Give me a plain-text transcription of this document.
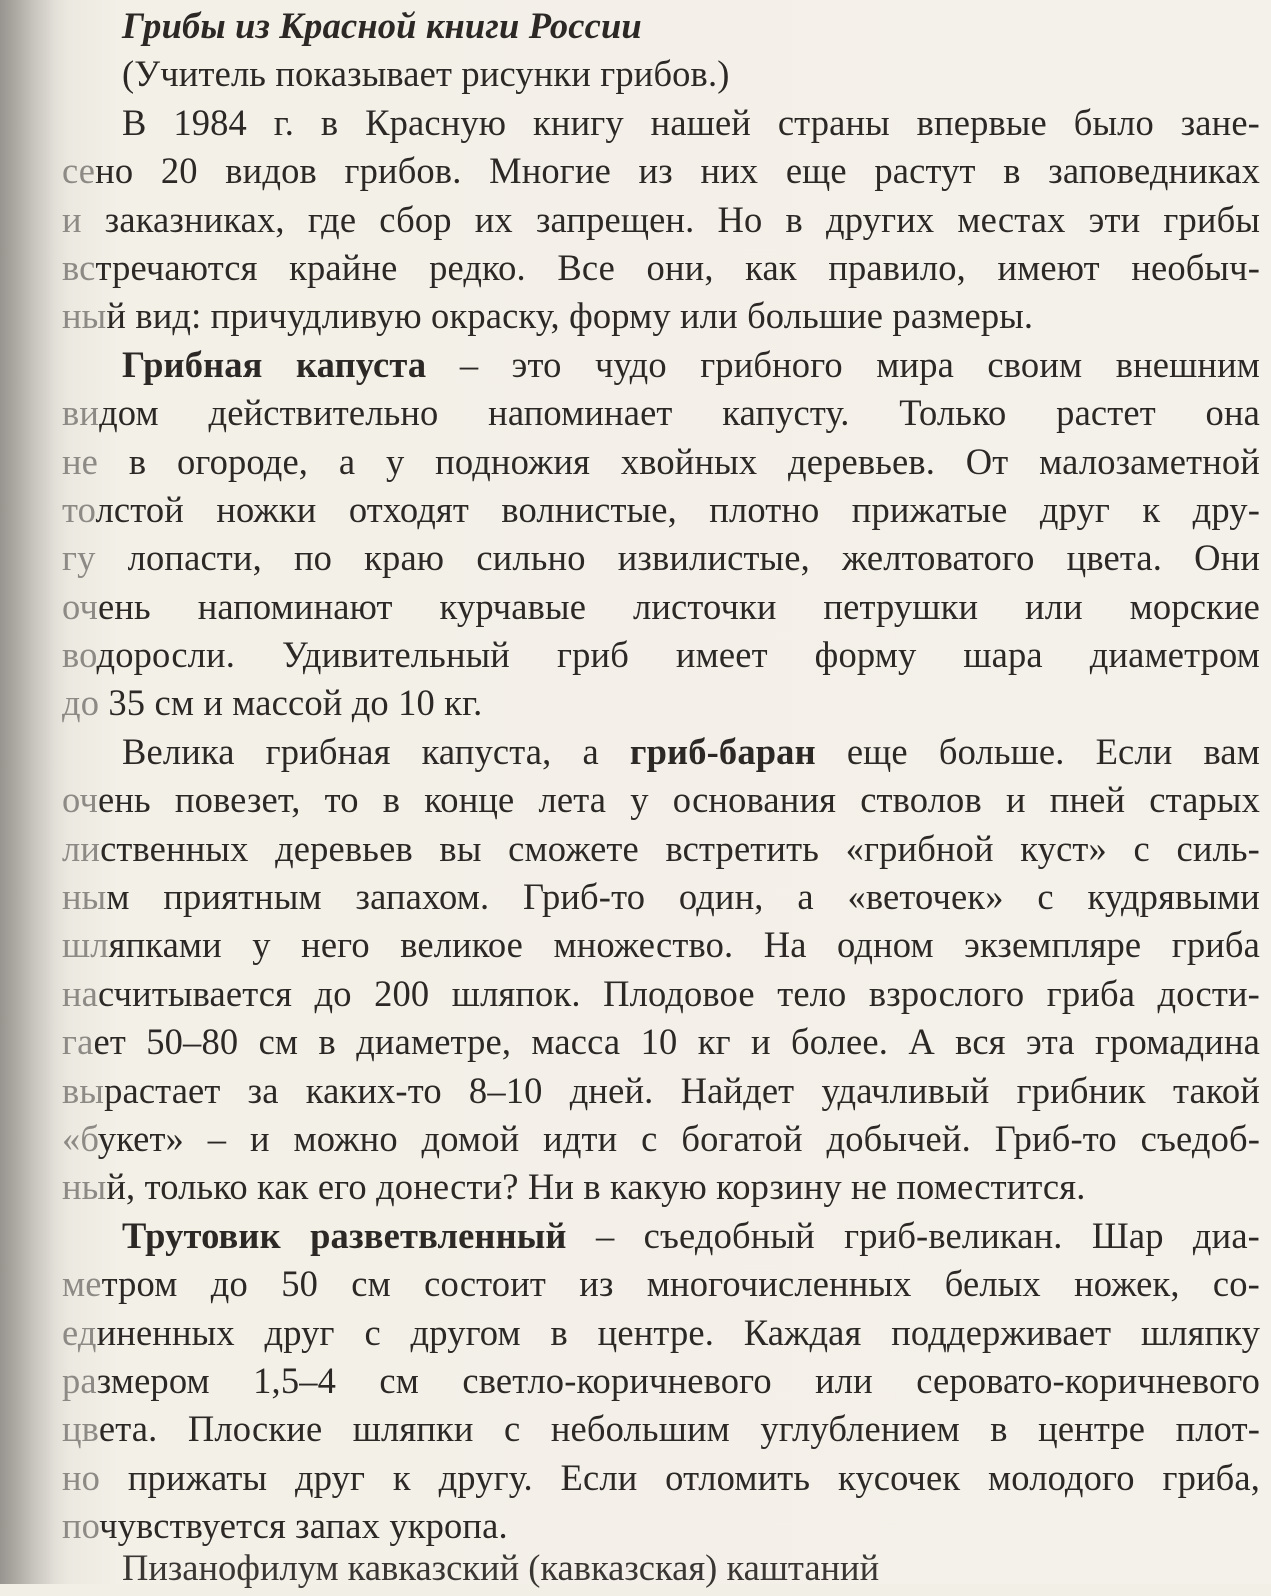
Грибы из Красной книги России
(Учитель показывает рисунки грибов.)
В 1984 г. в Красную книгу нашей страны впервые было зане-
сено 20 видов грибов. Многие из них еще растут в заповедниках
и заказниках, где сбор их запрещен. Но в других местах эти грибы
встречаются крайне редко. Все они, как правило, имеют необыч-
ный вид: причудливую окраску, форму или большие размеры.
Грибная капуста – это чудо грибного мира своим внешним
видом действительно напоминает капусту. Только растет она
не в огороде, а у подножия хвойных деревьев. От малозаметной
толстой ножки отходят волнистые, плотно прижатые друг к дру-
гу лопасти, по краю сильно извилистые, желтоватого цвета. Они
очень напоминают курчавые листочки петрушки или морские
водоросли. Удивительный гриб имеет форму шара диаметром
до 35 см и массой до 10 кг.
Велика грибная капуста, а гриб-баран еще больше. Если вам
очень повезет, то в конце лета у основания стволов и пней старых
лиственных деревьев вы сможете встретить «грибной куст» с силь-
ным приятным запахом. Гриб-то один, а «веточек» с кудрявыми
шляпками у него великое множество. На одном экземпляре гриба
насчитывается до 200 шляпок. Плодовое тело взрослого гриба дости-
гает 50–80 см в диаметре, масса 10 кг и более. А вся эта громадина
вырастает за каких-то 8–10 дней. Найдет удачливый грибник такой
«букет» – и можно домой идти с богатой добычей. Гриб-то съедоб-
ный, только как его донести? Ни в какую корзину не поместится.
Трутовик разветвленный – съедобный гриб-великан. Шар диа-
метром до 50 см состоит из многочисленных белых ножек, со-
единенных друг с другом в центре. Каждая поддерживает шляпку
размером 1,5–4 см светло-коричневого или серовато-коричневого
цвета. Плоские шляпки с небольшим углублением в центре плот-
но прижаты друг к другу. Если отломить кусочек молодого гриба,
почувствуется запах укропа.
Пизанофилум кавказский (кавказская) каштаний
